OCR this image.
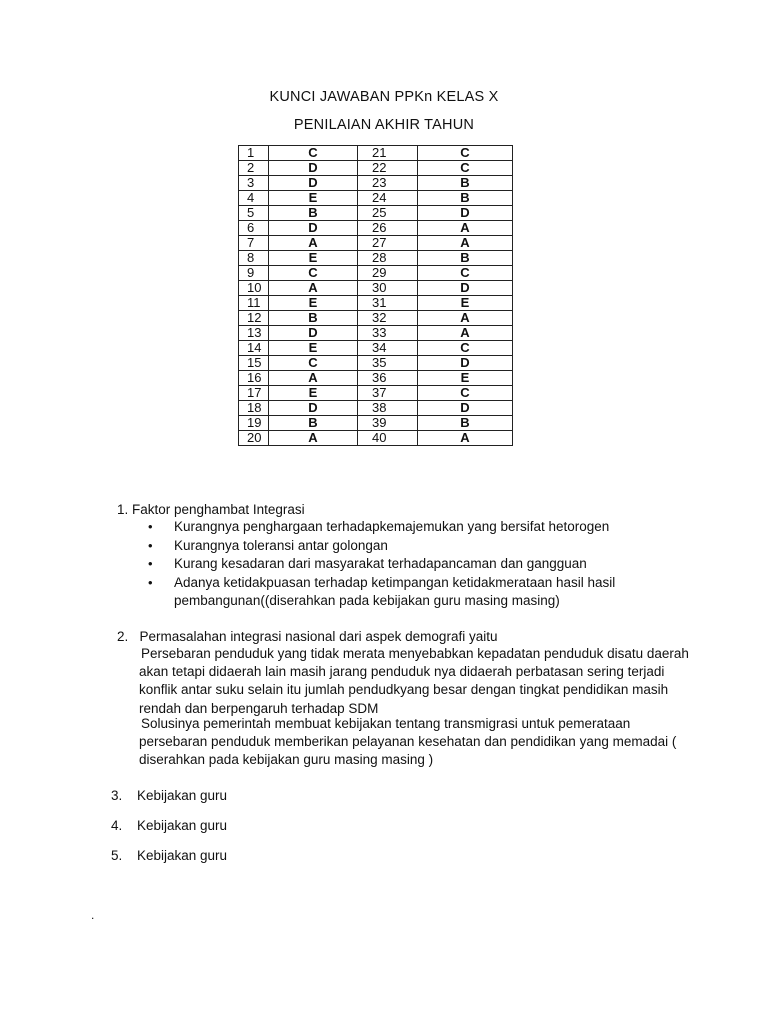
KUNCI JAWABAN PPKn KELAS X
PENILAIAN AKHIR TAHUN
1	C	21	C
2	D	22	C
3	D	23	B
4	E	24	B
5	B	25	D
6	D	26	A
7	A	27	A
8	E	28	B
9	C	29	C
10	A	30	D
11	E	31	E
12	B	32	A
13	D	33	A
14	E	34	C
15	C	35	D
16	A	36	E
17	E	37	C
18	D	38	D
19	B	39	B
20	A	40	A
1. Faktor penghambat Integrasi
• Kurangnya penghargaan terhadapkemajemukan yang bersifat hetorogen
• Kurangnya toleransi antar golongan
• Kurang kesadaran dari masyarakat terhadapancaman dan gangguan
• Adanya ketidakpuasan terhadap ketimpangan ketidakmerataan hasil hasil
pembangunan((diserahkan pada kebijakan guru masing masing)
2.   Permasalahan integrasi nasional dari aspek demografi yaitu
Persebaran penduduk yang tidak merata menyebabkan kepadatan penduduk disatu daerah akan tetapi didaerah lain masih jarang penduduk nya didaerah perbatasan sering terjadi konflik antar suku selain itu jumlah pendudkyang besar dengan tingkat pendidikan masih rendah dan berpengaruh terhadap SDM
Solusinya pemerintah membuat kebijakan tentang transmigrasi untuk pemerataan persebaran penduduk memberikan pelayanan kesehatan dan pendidikan yang memadai ( diserahkan pada kebijakan guru masing masing )
3. Kebijakan guru
4. Kebijakan guru
5. Kebijakan guru
.
